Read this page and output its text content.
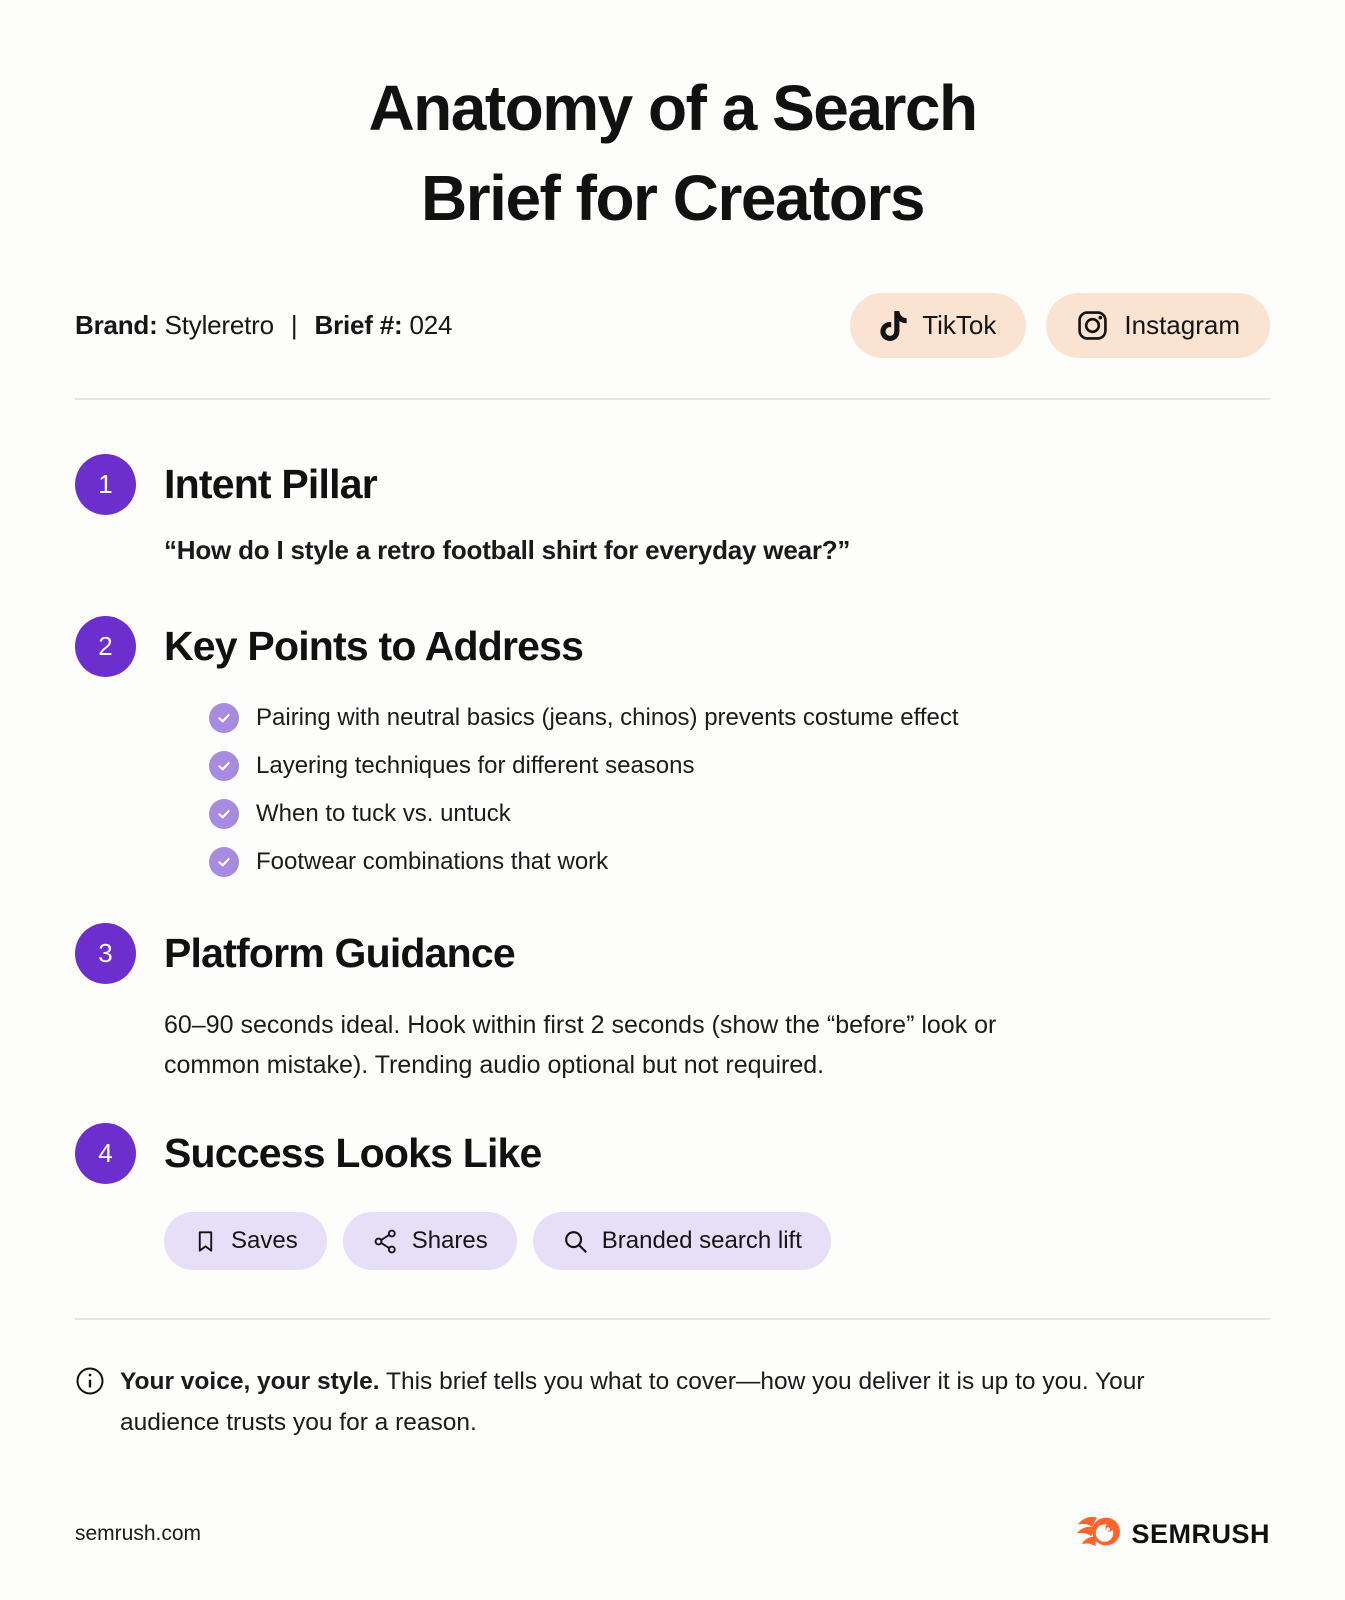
Anatomy of a Search
Brief for Creators
Brand: Styleretro | Brief #: 024	TikTok	Instagram
1	Intent Pillar

“How do I style a retro football shirt for everyday wear?”

2	Key Points to Address
Pairing with neutral basics (jeans, chinos) prevents costume effect
Layering techniques for different seasons
When to tuck vs. untuck
Footwear combinations that work
3	Platform Guidance

60–90 seconds ideal. Hook within first 2 seconds (show the “before” look or common mistake). Trending audio optional but not required.

4	Success Looks Like
Saves	Shares	Branded search lift

Your voice, your style. This brief tells you what to cover—how you deliver it is up to you. Your audience trusts you for a reason.

semrush.com	SEMRUSH
